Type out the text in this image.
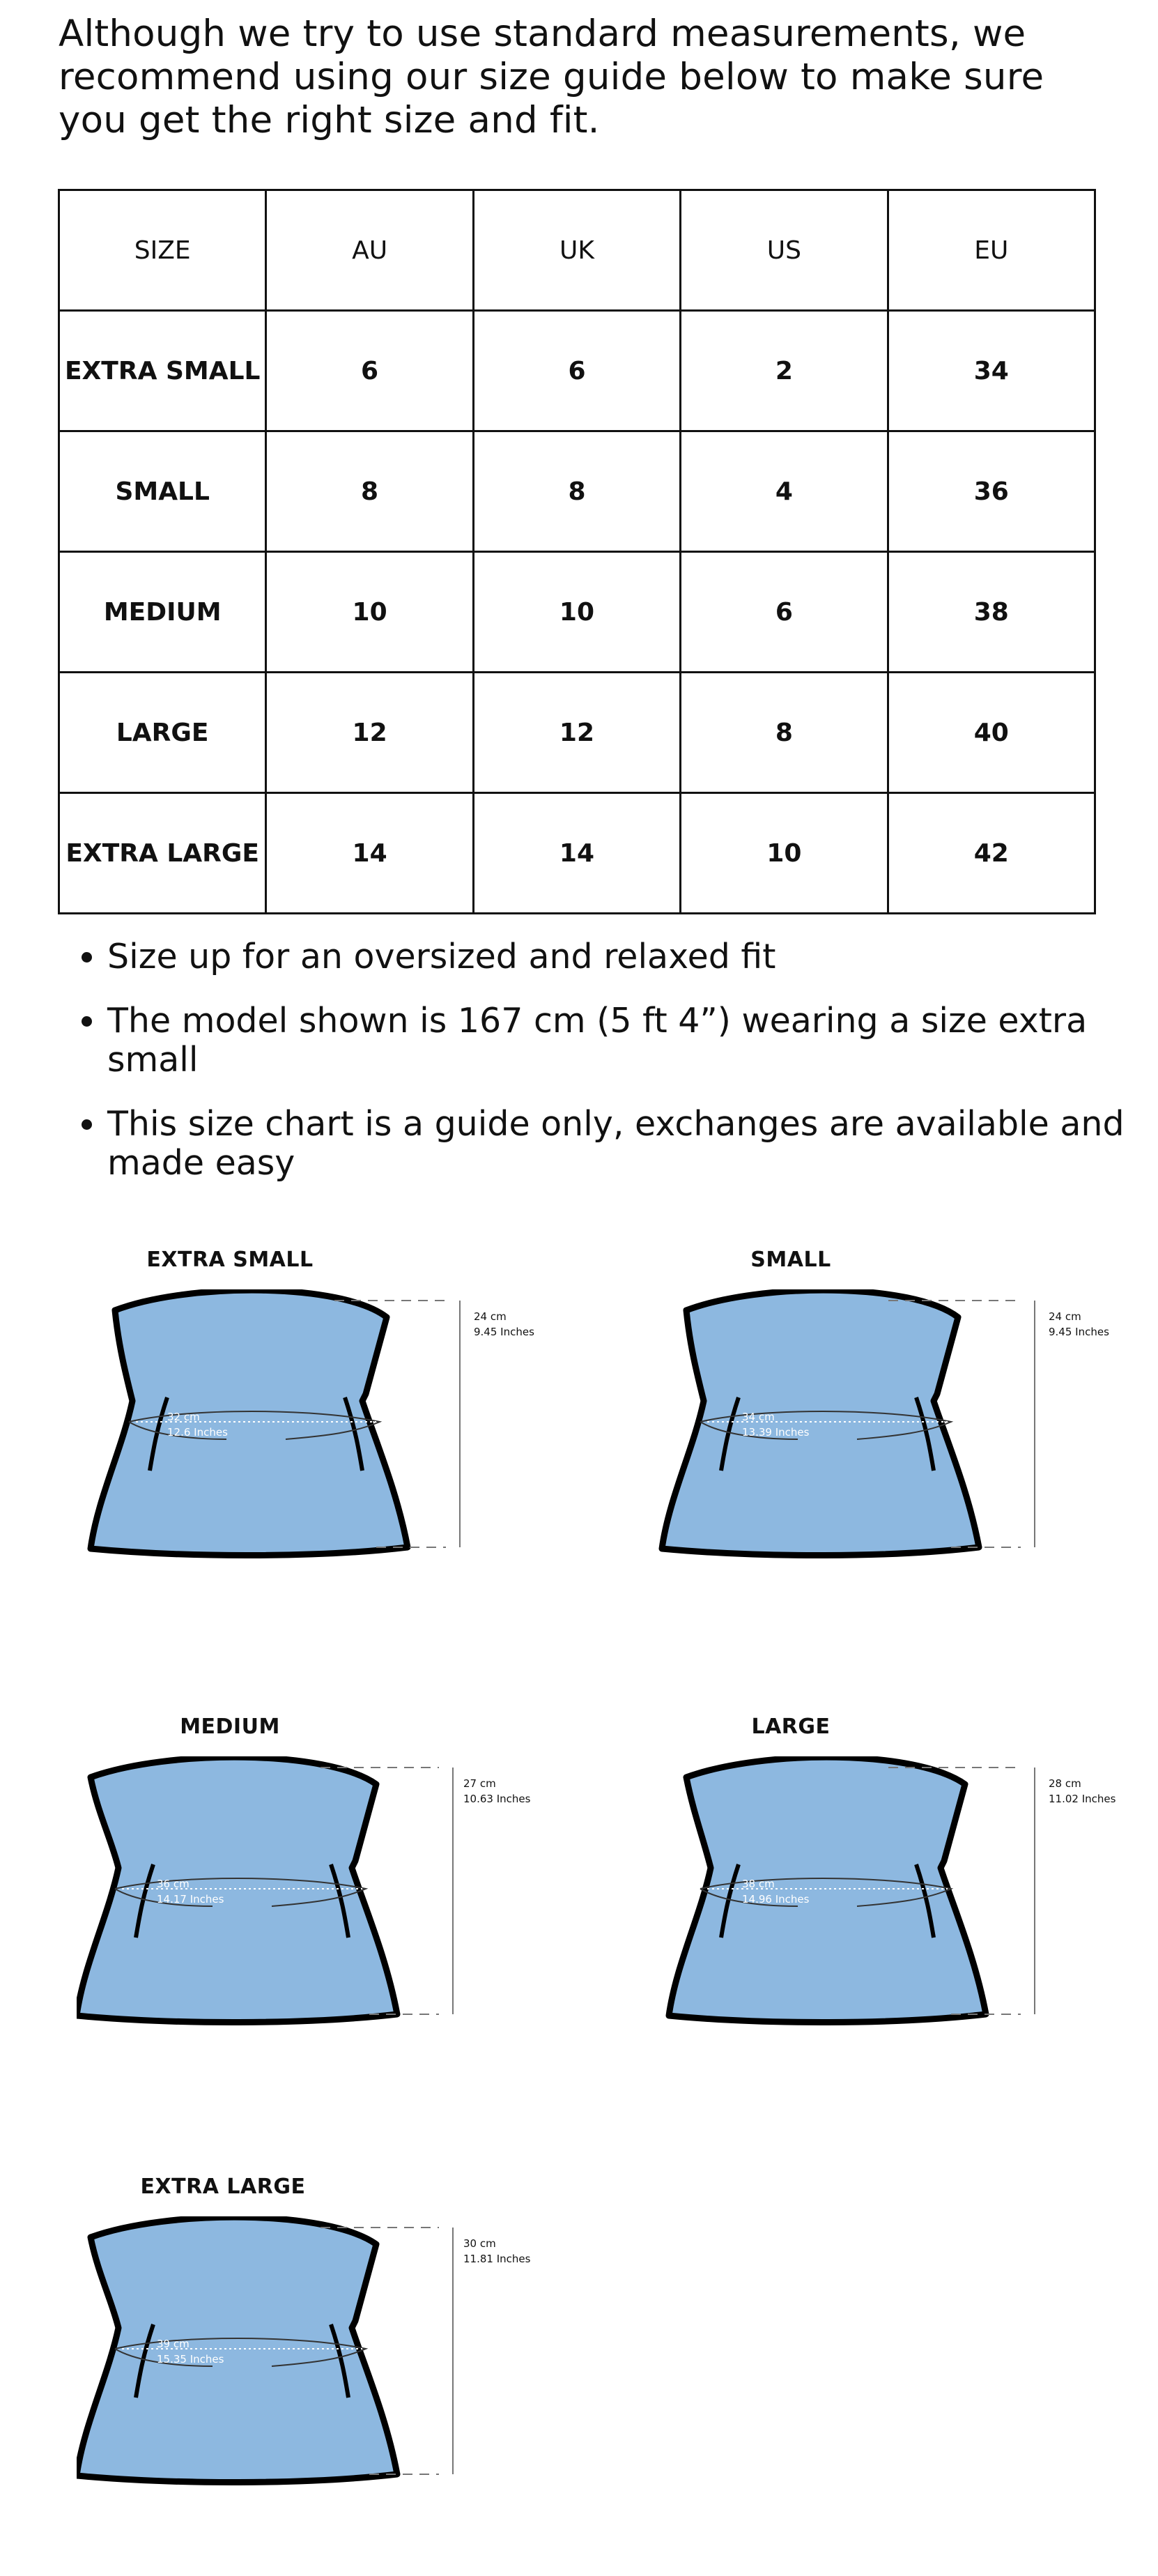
Although we try to use standard measurements, we recommend using our size guide below to make sure you get the right size and fit.

SIZE	AU	UK	US	EU
EXTRA SMALL	6	6	2	34
SMALL	8	8	4	36
MEDIUM	10	10	6	38
LARGE	12	12	8	40
EXTRA LARGE	14	14	10	42
• Size up for an oversized and relaxed fit
• The model shown is 167 cm (5 ft 4”) wearing a size extra small
• This size chart is a guide only, exchanges are available and made easy
EXTRA SMALL
24 cm
9.45 Inches
32 cm
12.6 Inches
SMALL
24 cm
9.45 Inches
34 cm
13.39 Inches
MEDIUM
27 cm
10.63 Inches
36 cm
14.17 Inches
LARGE
28 cm
11.02 Inches
38 cm
14.96 Inches
EXTRA LARGE
30 cm
11.81 Inches
39 cm
15.35 Inches
